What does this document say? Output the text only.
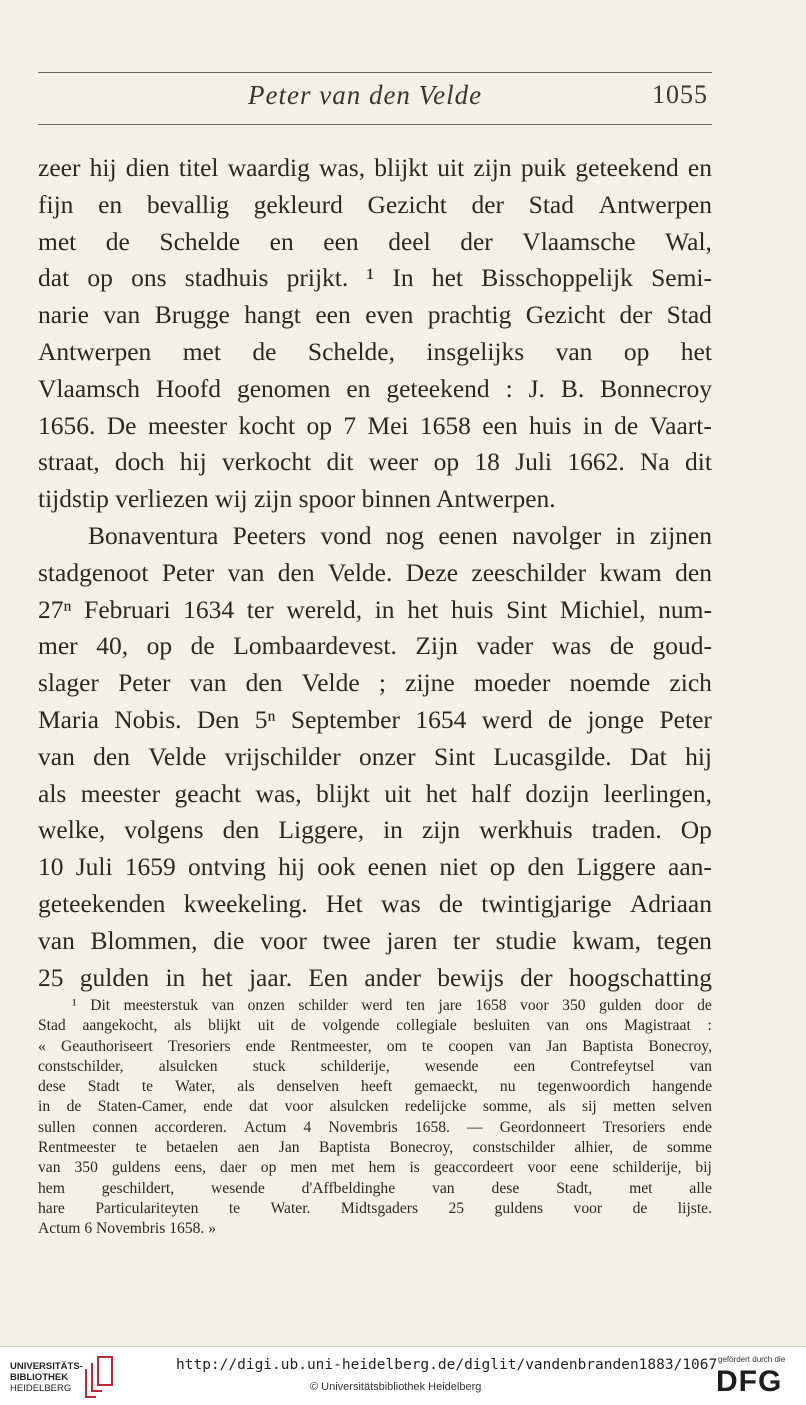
Peter van den Velde	1055
zeer hij dien titel waardig was, blijkt uit zijn puik geteekend en
fijn en bevallig gekleurd Gezicht der Stad Antwerpen
met de Schelde en een deel der Vlaamsche Wal,
dat op ons stadhuis prijkt. ¹ In het Bisschoppelijk Semi-
narie van Brugge hangt een even prachtig Gezicht der Stad
Antwerpen met de Schelde, insgelijks van op het
Vlaamsch Hoofd genomen en geteekend : J. B. Bonnecroy
1656. De meester kocht op 7 Mei 1658 een huis in de Vaart-
straat, doch hij verkocht dit weer op 18 Juli 1662. Na dit
tijdstip verliezen wij zijn spoor binnen Antwerpen.
Bonaventura Peeters vond nog eenen navolger in zijnen
stadgenoot Peter van den Velde. Deze zeeschilder kwam den
27ⁿ Februari 1634 ter wereld, in het huis Sint Michiel, num-
mer 40, op de Lombaardevest. Zijn vader was de goud-
slager Peter van den Velde ; zijne moeder noemde zich
Maria Nobis. Den 5ⁿ September 1654 werd de jonge Peter
van den Velde vrijschilder onzer Sint Lucasgilde. Dat hij
als meester geacht was, blijkt uit het half dozijn leerlingen,
welke, volgens den Liggere, in zijn werkhuis traden. Op
10 Juli 1659 ontving hij ook eenen niet op den Liggere aan-
geteekenden kweekeling. Het was de twintigjarige Adriaan
van Blommen, die voor twee jaren ter studie kwam, tegen
25 gulden in het jaar. Een ander bewijs der hoogschatting
¹ Dit meesterstuk van onzen schilder werd ten jare 1658 voor 350 gulden door de
Stad aangekocht, als blijkt uit de volgende collegiale besluiten van ons Magistraat :
« Geauthoriseert Tresoriers ende Rentmeester, om te coopen van Jan Baptista Bonecroy,
constschilder, alsulcken stuck schilderije, wesende een Contrefeytsel van
dese Stadt te Water, als denselven heeft gemaeckt, nu tegenwoordich hangende
in de Staten-Camer, ende dat voor alsulcken redelijcke somme, als sij metten selven
sullen connen accorderen. Actum 4 Novembris 1658. — Geordonneert Tresoriers ende
Rentmeester te betaelen aen Jan Baptista Bonecroy, constschilder alhier, de somme
van 350 guldens eens, daer op men met hem is geaccordeert voor eene schilderije, bij
hem geschildert, wesende d'Affbeldinghe van dese Stadt, met alle
hare Particulariteyten te Water. Midtsgaders 25 guldens voor de lijste.
Actum 6 Novembris 1658. »
UNIVERSITÄTS-
BIBLIOTHEK
HEIDELBERG
http://digi.ub.uni-heidelberg.de/diglit/vandenbranden1883/1067
© Universitätsbibliothek Heidelberg
gefördert durch die
DFG
